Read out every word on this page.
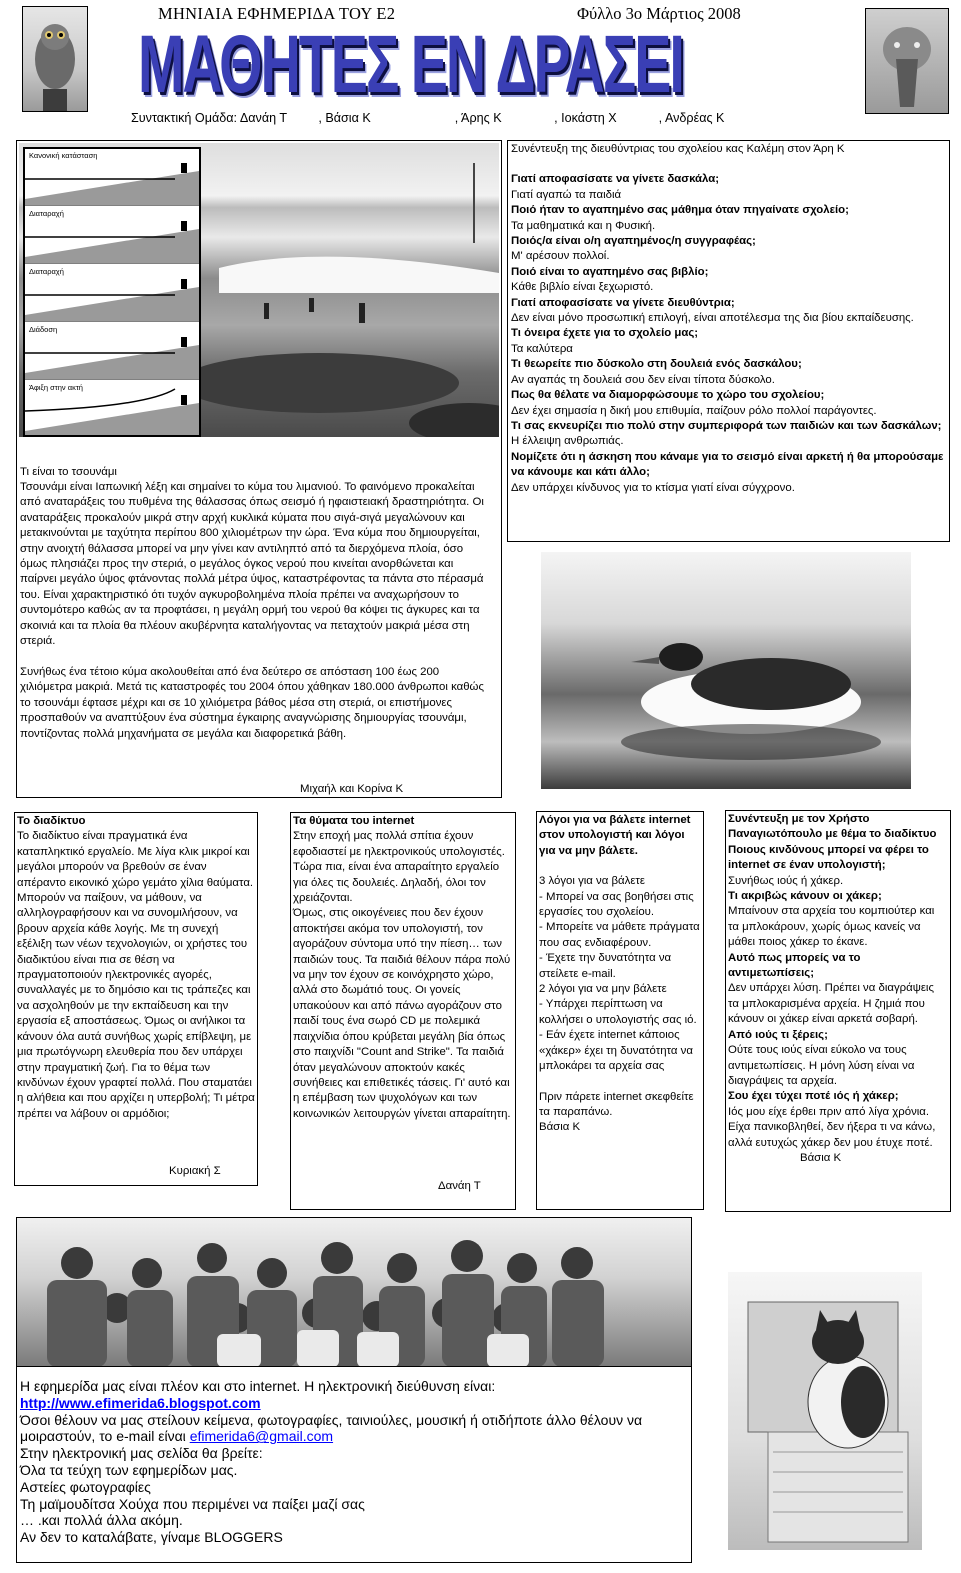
ΜΗΝΙΑΙΑ ΕΦΗΜΕΡΙΔΑ ΤΟΥ Ε2	Φύλλο 3ο Μάρτιος 2008
ΜΑΘΗΤΕΣ ΕΝ ΔΡΑΣΕΙ
Συντακτική Ομάδα: Δανάη Τ         , Βάσια Κ                        , Άρης Κ               , Ιοκάστη Χ            , Ανδρέας Κ
Κανονική κατάσταση
Διαταραχή
Διαταραχή
Διάδοση
Άφιξη στην ακτή
Τι είναι το τσουνάμι
Τσουνάμι είναι Ιαπωνική λέξη και σημαίνει το κύμα του λιμανιού. Το φαινόμενο προκαλείται από αναταράξεις του πυθμένα της θάλασσας όπως σεισμό ή ηφαιστειακή δραστηριότητα. Οι αναταράξεις προκαλούν μικρά στην αρχή κυκλικά κύματα που σιγά-σιγά μεγαλώνουν και μετακινούνται με ταχύτητα περίπου 800 χιλιομέτρων την ώρα. Ένα κύμα που δημιουργείται, στην ανοιχτή θάλασσα μπορεί να μην γίνει καν αντιληπτό από τα διερχόμενα πλοία, όσο όμως πλησιάζει προς την στεριά, ο μεγάλος όγκος νερού που κινείται ανορθώνεται και παίρνει μεγάλο ύψος φτάνοντας πολλά μέτρα ύψος, καταστρέφοντας τα πάντα στο πέρασμά του. Είναι χαρακτηριστικό ότι τυχόν αγκυροβολημένα πλοία πρέπει να αναχωρήσουν το συντομότερο καθώς αν τα προφτάσει, η μεγάλη ορμή του νερού θα κόψει τις άγκυρες και τα σκοινιά και τα πλοία θα πλέουν ακυβέρνητα καταλήγοντας να πεταχτούν μακριά μέσα στη στεριά.
Συνήθως ένα τέτοιο κύμα ακολουθείται από ένα δεύτερο σε απόσταση 100 έως 200 χιλιόμετρα μακριά. Μετά τις καταστροφές του 2004 όπου χάθηκαν 180.000 άνθρωποι καθώς το τσουνάμι έφτασε μέχρι και σε 10 χιλιόμετρα βάθος μέσα στη στεριά, οι επιστήμονες προσπαθούν να αναπτύξουν ένα σύστημα έγκαιρης αναγνώρισης δημιουργίας τσουνάμι, ποντίζοντας πολλά μηχανήματα σε μεγάλα και διαφορετικά βάθη.
Μιχαήλ και Κορίνα Κ
Συνέντευξη της διευθύντριας του σχολείου κας Καλέμη στον Άρη Κ
Γιατί αποφασίσατε να γίνετε δασκάλα;
Γιατί αγαπώ τα παιδιά
Ποιό ήταν το αγαπημένο σας μάθημα όταν πηγαίνατε σχολείο;
Τα μαθηματικά και η Φυσική.
Ποιός/α είναι ο/η αγαπημένος/η συγγραφέας;
Μ' αρέσουν πολλοί.
Ποιό είναι το αγαπημένο σας βιβλίο;
Κάθε βιβλίο είναι ξεχωριστό.
Γιατί αποφασίσατε να γίνετε διευθύντρια;
Δεν είναι μόνο προσωπική επιλογή, είναι αποτέλεσμα της δια βίου εκπαίδευσης.
Τι όνειρα έχετε για το σχολείο μας;
Τα καλύτερα
Τι θεωρείτε πιο δύσκολο στη δουλειά ενός δασκάλου;
Αν αγαπάς τη δουλειά σου δεν είναι τίποτα δύσκολο.
Πως θα θέλατε να διαμορφώσουμε το χώρο του σχολείου;
Δεν έχει σημασία η δική μου επιθυμία, παίζουν ρόλο πολλοί παράγοντες.
Τι σας εκνευρίζει πιο πολύ στην συμπεριφορά των παιδιών και των δασκάλων;
Η έλλειψη ανθρωπιάς.
Νομίζετε ότι η άσκηση που κάναμε για το σεισμό είναι αρκετή ή θα μπορούσαμε να κάνουμε και κάτι άλλο;
Δεν υπάρχει κίνδυνος για το κτίσμα γιατί είναι σύγχρονο.
Το διαδίκτυο
Το διαδίκτυο είναι πραγματικά ένα καταπληκτικό εργαλείο. Με λίγα κλικ μικροί και μεγάλοι μπορούν να βρεθούν σε έναν απέραντο εικονικό χώρο γεμάτο χίλια θαύματα. Μπορούν να παίξουν, να μάθουν, να αλληλογραφήσουν και να συνομιλήσουν, να βρουν αρχεία κάθε λογής. Με τη συνεχή εξέλιξη των νέων τεχνολογιών, οι χρήστες του διαδικτύου είναι πια σε θέση να πραγματοποιούν ηλεκτρονικές αγορές, συναλλαγές με το δημόσιο και τις τράπεζες και να ασχοληθούν με την εκπαίδευση και την εργασία εξ αποστάσεως. Όμως οι ανήλικοι τα κάνουν όλα αυτά συνήθως χωρίς επίβλεψη, με μια πρωτόγνωρη ελευθερία που δεν υπάρχει στην πραγματική ζωή. Για το θέμα των κινδύνων έχουν γραφτεί πολλά. Που σταματάει η αλήθεια και που αρχίζει η υπερβολή; Τι μέτρα πρέπει να λάβουν οι αρμόδιοι;
Κυριακή Σ
Τα θύματα του internet
Στην εποχή μας πολλά σπίτια έχουν εφοδιαστεί με ηλεκτρονικούς υπολογιστές. Τώρα πια, είναι ένα απαραίτητο εργαλείο για όλες τις δουλειές. Δηλαδή, όλοι τον χρειάζονται.
Όμως, στις οικογένειες που δεν έχουν αποκτήσει ακόμα τον υπολογιστή, τον αγοράζουν σύντομα υπό την πίεση… των παιδιών τους. Τα παιδιά θέλουν πάρα πολύ να μην τον έχουν σε κοινόχρηστο χώρο, αλλά στο δωμάτιό τους. Οι γονείς υπακούουν και από πάνω αγοράζουν στο παιδί τους ένα σωρό CD με πολεμικά παιχνίδια όπου κρύβεται μεγάλη βία όπως στο παιχνίδι "Count and Strike". Τα παιδιά όταν μεγαλώνουν αποκτούν κακές συνήθειες και επιθετικές τάσεις. Γι' αυτό και η επέμβαση των ψυχολόγων και των κοινωνικών λειτουργών γίνεται απαραίτητη.
Δανάη Τ
Λόγοι για να βάλετε internet στον υπολογιστή και λόγοι για να μην βάλετε.
3 λόγοι για να βάλετε
- Μπορεί να σας βοηθήσει στις εργασίες του σχολείου.
- Μπορείτε να μάθετε πράγματα που σας ενδιαφέρουν.
- Έχετε την δυνατότητα να στείλετε e-mail.
2 λόγοι για να μην βάλετε
- Υπάρχει περίπτωση να κολλήσει ο υπολογιστής σας ιό.
- Εάν έχετε internet κάποιος «χάκερ» έχει τη δυνατότητα να μπλοκάρει τα αρχεία σας
Πριν πάρετε internet σκεφθείτε τα παραπάνω.
Βάσια Κ
Συνέντευξη με τον Χρήστο Παναγιωτόπουλο με θέμα το διαδίκτυο
Ποιους κινδύνους μπορεί να φέρει το internet σε έναν υπολογιστή;
Συνήθως ιούς ή χάκερ.
Τι ακριβώς κάνουν οι χάκερ;
Μπαίνουν στα αρχεία του κομπιούτερ και τα μπλοκάρουν, χωρίς όμως κανείς να μάθει ποιος χάκερ το έκανε.
Αυτό πως μπορείς να το αντιμετωπίσεις;
Δεν υπάρχει λύση. Πρέπει να διαγράψεις τα μπλοκαρισμένα αρχεία. Η ζημιά που κάνουν οι χάκερ είναι αρκετά σοβαρή.
Από ιούς τι ξέρεις;
Ούτε τους ιούς είναι εύκολο να τους αντιμετωπίσεις. Η μόνη λύση είναι να διαγράψεις τα αρχεία.
Σου έχει τύχει ποτέ ιός ή χάκερ;
Ιός μου είχε έρθει πριν από λίγα χρόνια. Είχα πανικοβληθεί, δεν ήξερα τι να κάνω, αλλά ευτυχώς χάκερ δεν μου έτυχε ποτέ.
Βάσια Κ
Η εφημερίδα μας είναι πλέον και στο internet. Η ηλεκτρονική διεύθυνση είναι:
http://www.efimerida6.blogspot.com
Όσοι θέλουν να μας στείλουν κείμενα, φωτογραφίες, ταινιούλες, μουσική ή οτιδήποτε άλλο θέλουν να μοιραστούν, το e-mail είναι efimerida6@gmail.com
Στην ηλεκτρονική μας σελίδα θα βρείτε:
Όλα τα τεύχη των εφημερίδων μας.
Αστείες φωτογραφίες
Τη μαϊμουδίτσα Χούχα που περιμένει να παίξει μαζί σας
… .και πολλά άλλα ακόμη.
Αν δεν το καταλάβατε, γίναμε BLOGGERS
